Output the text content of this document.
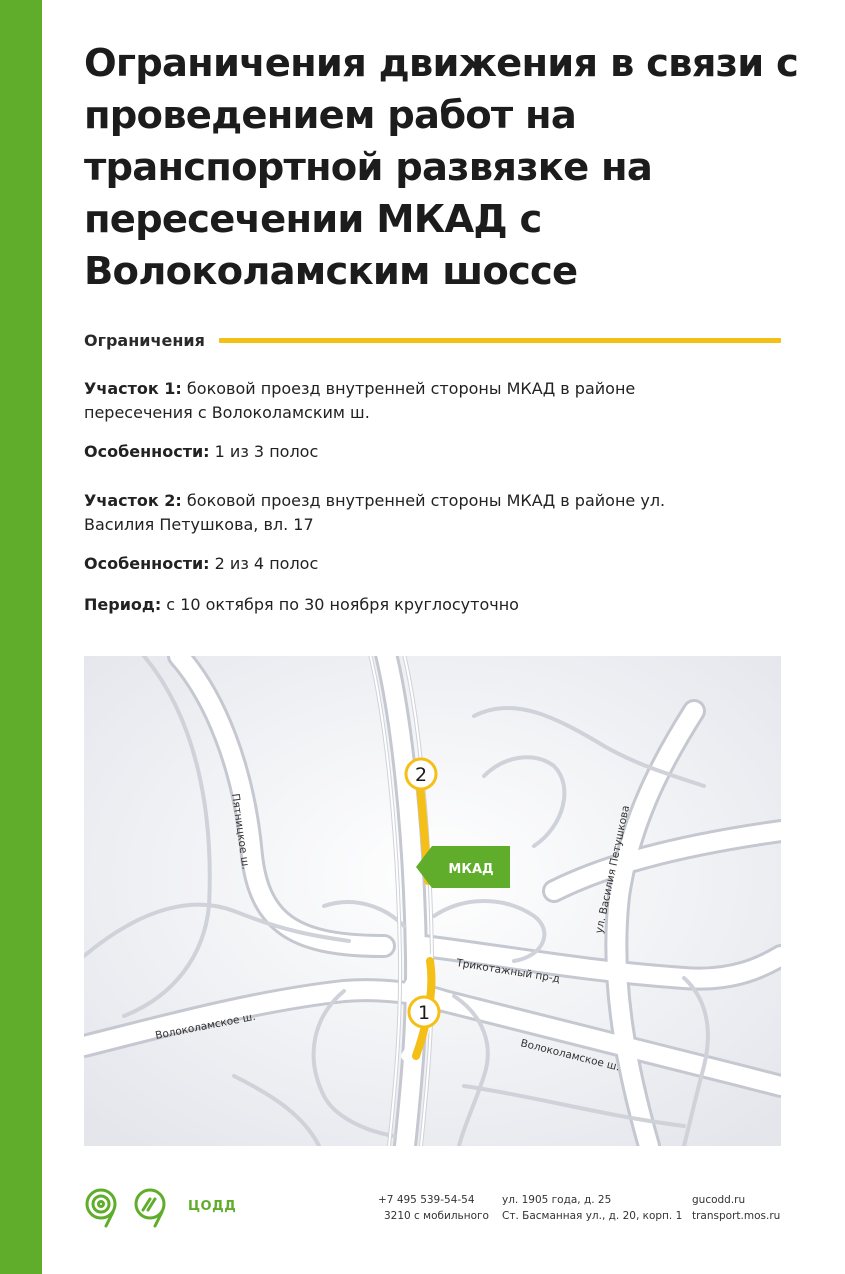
Ограничения движения в связи с проведением работ на транспортной развязке на пересечении МКАД с Волоколамским шоссе
Ограничения

Участок 1: боковой проезд внутренней стороны МКАД в районе пересечения с Волоколамским ш.

Особенности: 1 из 3 полос

Участок 2: боковой проезд внутренней стороны МКАД в районе ул. Василия Петушкова, вл. 17

Особенности: 2 из 4 полос

Период: с 10 октября по 30 ноября круглосуточно

2
1
МКАД
Пятницкое ш.	ул. Василия Петушкова
Трикотажный пр-д
Волоколамское ш.
Волоколамское ш.
ЦОДД	+7 495 539-54-54
3210 с мобильного
ул. 1905 года, д. 25
Ст. Басманная ул., д. 20, корп. 1
gucodd.ru
transport.mos.ru
